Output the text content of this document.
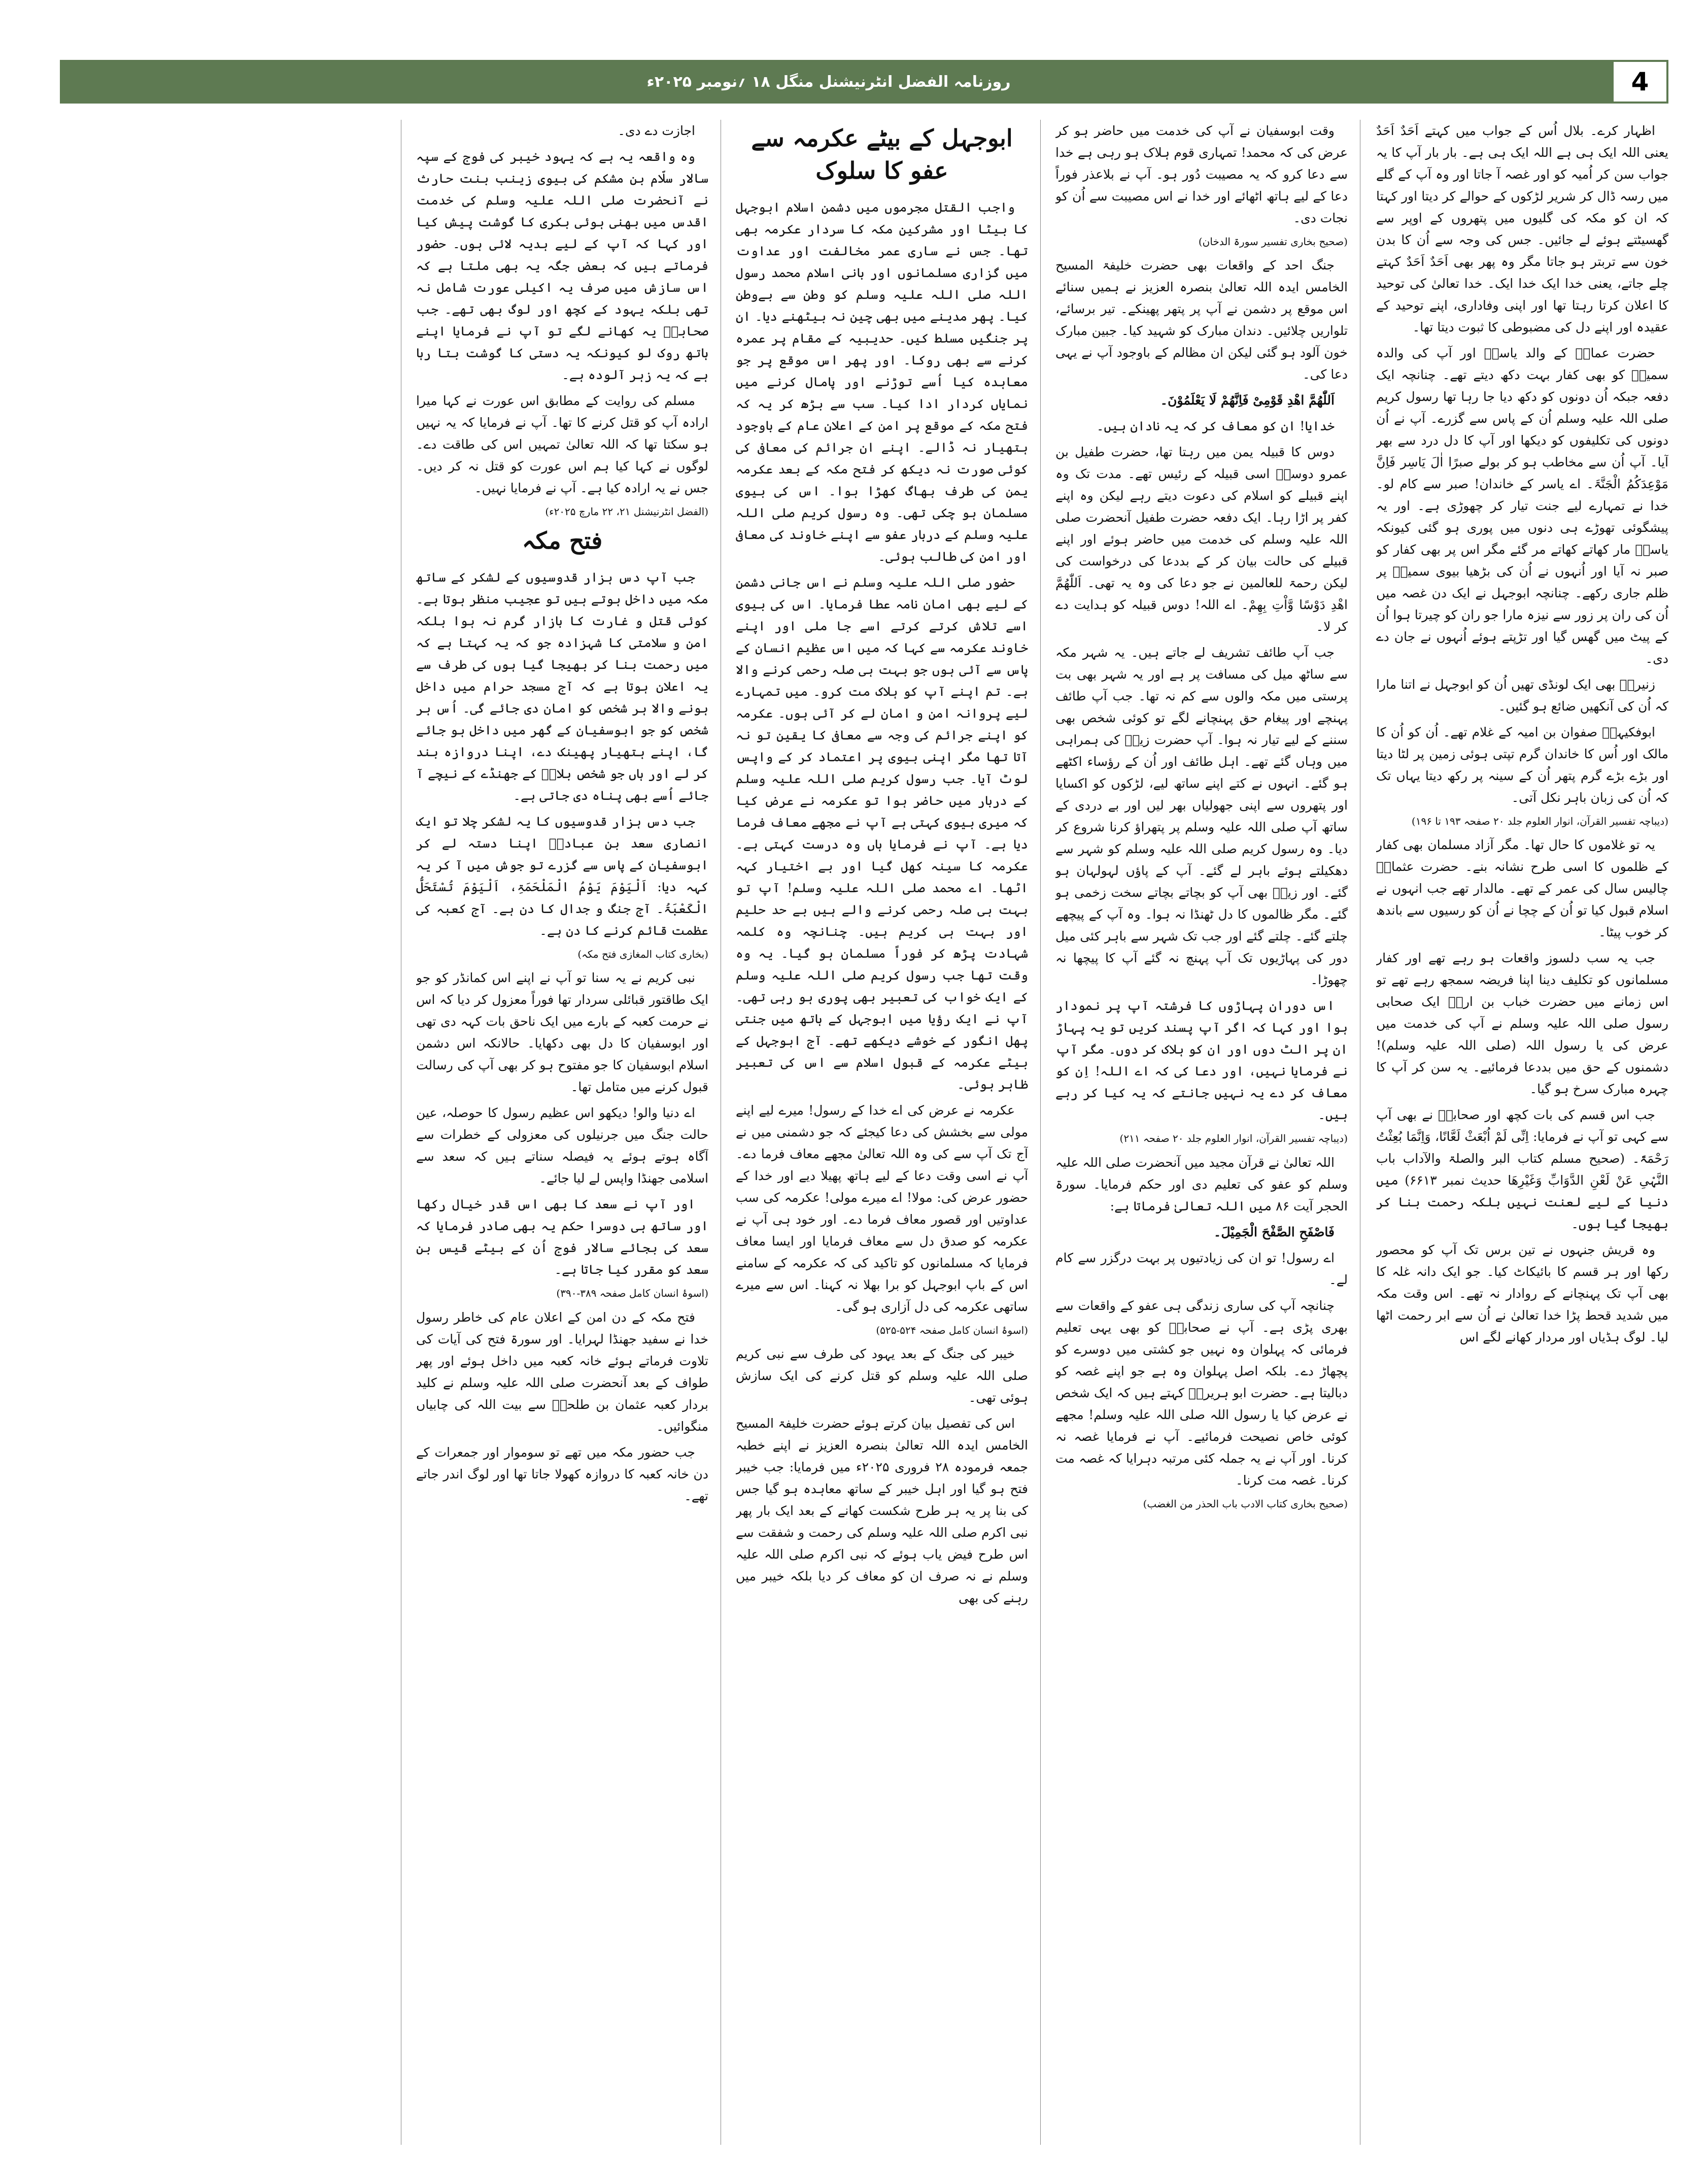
روزنامہ الفضل انٹرنیشنل منگل ۱۸ ؍نومبر ۲۰۲۵ء	4

اظہار کرے۔ بلال اُس کے جواب میں کہتے اَحَدٌ اَحَدٌ یعنی اللہ ایک ہی ہے اللہ ایک ہی ہے۔ بار بار آپ کا یہ جواب سن کر اُمیہ کو اور غصہ آ جاتا اور وہ آپ کے گلے میں رسہ ڈال کر شریر لڑکوں کے حوالے کر دیتا اور کہتا کہ ان کو مکہ کی گلیوں میں پتھروں کے اوپر سے گھسیٹتے ہوئے لے جائیں۔ جس کی وجہ سے اُن کا بدن خون سے تربتر ہو جاتا مگر وہ پھر بھی اَحَدٌ اَحَدٌ کہتے چلے جاتے، یعنی خدا ایک خدا ایک۔ خدا تعالیٰ کی توحید کا اعلان کرتا رہتا تھا اور اپنی وفاداری، اپنے توحید کے عقیدہ اور اپنے دل کی مضبوطی کا ثبوت دیتا تھا۔

حضرت عمارؓ کے والد یاسرؓ اور آپ کی والدہ سمیہؓ کو بھی کفار بہت دکھ دیتے تھے۔ چنانچہ ایک دفعہ جبکہ اُن دونوں کو دکھ دیا جا رہا تھا رسول کریم صلی اللہ علیہ وسلم اُن کے پاس سے گزرے۔ آپ نے اُن دونوں کی تکلیفوں کو دیکھا اور آپ کا دل درد سے بھر آیا۔ آپ اُن سے مخاطب ہو کر بولے صبرًا اٰلَ یَاسِر فَاِنَّ مَوْعِدَکُمُ الْجَنَّۃَ۔ اے یاسر کے خاندان! صبر سے کام لو۔ خدا نے تمہارے لیے جنت تیار کر چھوڑی ہے۔ اور یہ پیشگوئی تھوڑے ہی دنوں میں پوری ہو گئی کیونکہ یاسرؓ مار کھاتے کھاتے مر گئے مگر اس پر بھی کفار کو صبر نہ آیا اور اُنہوں نے اُن کی بڑھیا بیوی سمیہؓ پر ظلم جاری رکھے۔ چنانچہ ابوجہل نے ایک دن غصہ میں اُن کی ران پر زور سے نیزہ مارا جو ران کو چیرتا ہوا اُن کے پیٹ میں گھس گیا اور تڑپتے ہوئے اُنہوں نے جان دے دی۔

زنیرہؓ بھی ایک لونڈی تھیں اُن کو ابوجہل نے اتنا مارا کہ اُن کی آنکھیں ضائع ہو گئیں۔

ابوفکیہہؓ صفوان بن امیہ کے غلام تھے۔ اُن کو اُن کا مالک اور اُس کا خاندان گرم تپتی ہوئی زمین پر لٹا دیتا اور بڑے بڑے گرم پتھر اُن کے سینہ پر رکھ دیتا یہاں تک کہ اُن کی زبان باہر نکل آتی۔

(دیباچہ تفسیر القرآن، انوار العلوم جلد ۲۰ صفحہ ۱۹۳ تا ۱۹۶)

یہ تو غلاموں کا حال تھا۔ مگر آزاد مسلمان بھی کفار کے ظلموں کا اسی طرح نشانہ بنے۔ حضرت عثمانؓ چالیس سال کی عمر کے تھے۔ مالدار تھے جب انہوں نے اسلام قبول کیا تو اُن کے چچا نے اُن کو رسیوں سے باندھ کر خوب پیٹا۔

جب یہ سب دلسوز واقعات ہو رہے تھے اور کفار مسلمانوں کو تکلیف دینا اپنا فریضہ سمجھ رہے تھے تو اس زمانے میں حضرت خباب بن ارتؓ ایک صحابی رسول صلی اللہ علیہ وسلم نے آپ کی خدمت میں عرض کی یا رسول اللہ (صلی اللہ علیہ وسلم)! دشمنوں کے حق میں بددعا فرمائیے۔ یہ سن کر آپ کا چہرہ مبارک سرخ ہو گیا۔

جب اس قسم کی بات کچھ اور صحابہؓ نے بھی آپ سے کہی تو آپ نے فرمایا: اِنِّی لَمْ اُبْعَثْ لَعَّانًا، وَاِنَّمَا بُعِثْتُ رَحْمَۃً۔ (صحیح مسلم کتاب البر والصلۃ والآداب باب النَّہْیِ عَنْ لَعْنِ الدَّوَابِّ وَغَیْرِھَا حدیث نمبر ۶۶۱۳) میں دنیا کے لیے لعنت نہیں بلکہ رحمت بنا کر بھیجا گیا ہوں۔

وہ قریش جنہوں نے تین برس تک آپ کو محصور رکھا اور ہر قسم کا بائیکاٹ کیا۔ جو ایک دانہ غلہ کا بھی آپ تک پہنچانے کے روادار نہ تھے۔ اس وقت مکہ میں شدید قحط پڑا خدا تعالیٰ نے اُن سے ابر رحمت اٹھا لیا۔ لوگ ہڈیاں اور مردار کھانے لگے اس

وقت ابوسفیان نے آپ کی خدمت میں حاضر ہو کر عرض کی کہ محمد! تمہاری قوم ہلاک ہو رہی ہے خدا سے دعا کرو کہ یہ مصیبت دُور ہو۔ آپ نے بلاعذر فوراً دعا کے لیے ہاتھ اٹھائے اور خدا نے اس مصیبت سے اُن کو نجات دی۔

(صحیح بخاری تفسیر سورۃ الدخان)

جنگ احد کے واقعات بھی حضرت خلیفۃ المسیح الخامس ایدہ اللہ تعالیٰ بنصرہ العزیز نے ہمیں سنائے اس موقع پر دشمن نے آپ پر پتھر پھینکے۔ تیر برسائے، تلواریں چلائیں۔ دندان مبارک کو شہید کیا۔ جبین مبارک خون آلود ہو گئی لیکن ان مظالم کے باوجود آپ نے یہی دعا کی۔

اَللّٰھُمَّ اھْدِ قَوْمِیْ فَاِنَّھُمْ لَا یَعْلَمُوْنَ۔

خدایا! ان کو معاف کر کہ یہ نادان ہیں۔

دوس کا قبیلہ یمن میں رہتا تھا، حضرت طفیل بن عمرو دوسیؓ اسی قبیلہ کے رئیس تھے۔ مدت تک وہ اپنے قبیلے کو اسلام کی دعوت دیتے رہے لیکن وہ اپنے کفر پر اڑا رہا۔ ایک دفعہ حضرت طفیل آنحضرت صلی اللہ علیہ وسلم کی خدمت میں حاضر ہوئے اور اپنے قبیلے کی حالت بیان کر کے بددعا کی درخواست کی لیکن رحمۃ للعالمین نے جو دعا کی وہ یہ تھی۔ اَللّٰھُمَّ اھْدِ دَوْسًا وَّاْتِ بِھِمْ۔ اے اللہ! دوس قبیلہ کو ہدایت دے کر لا۔

جب آپ طائف تشریف لے جاتے ہیں۔ یہ شہر مکہ سے ساٹھ میل کی مسافت پر ہے اور یہ شہر بھی بت پرستی میں مکہ والوں سے کم نہ تھا۔ جب آپ طائف پہنچے اور پیغام حق پہنچانے لگے تو کوئی شخص بھی سننے کے لیے تیار نہ ہوا۔ آپ حضرت زیدؓ کی ہمراہی میں وہاں گئے تھے۔ اہل طائف اور اُن کے رؤساء اکٹھے ہو گئے۔ انہوں نے کتے اپنے ساتھ لیے، لڑکوں کو اکسایا اور پتھروں سے اپنی جھولیاں بھر لیں اور بے دردی کے ساتھ آپ صلی اللہ علیہ وسلم پر پتھراؤ کرنا شروع کر دیا۔ وہ رسول کریم صلی اللہ علیہ وسلم کو شہر سے دھکیلتے ہوئے باہر لے گئے۔ آپ کے پاؤں لہولہان ہو گئے۔ اور زیدؓ بھی آپ کو بچاتے بچاتے سخت زخمی ہو گئے۔ مگر ظالموں کا دل ٹھنڈا نہ ہوا۔ وہ آپ کے پیچھے چلتے گئے۔ چلتے گئے اور جب تک شہر سے باہر کئی میل دور کی پہاڑیوں تک آپ پہنچ نہ گئے آپ کا پیچھا نہ چھوڑا۔

اس دوران پہاڑوں کا فرشتہ آپ پر نمودار ہوا اور کہا کہ اگر آپ پسند کریں تو یہ پہاڑ ان پر الٹ دوں اور ان کو ہلاک کر دوں۔ مگر آپ نے فرمایا نہیں، اور دعا کی کہ اے اللہ! اِن کو معاف کر دے یہ نہیں جانتے کہ یہ کیا کر رہے ہیں۔

(دیباچہ تفسیر القرآن، انوار العلوم جلد ۲۰ صفحہ ۲۱۱)

اللہ تعالیٰ نے قرآن مجید میں آنحضرت صلی اللہ علیہ وسلم کو عفو کی تعلیم دی اور حکم فرمایا۔ سورۃ الحجر آیت ۸۶ میں اللہ تعالیٰ فرماتا ہے:

فَاصْفَحِ الصَّفْحَ الْجَمِیْلَ۔

اے رسول! تو ان کی زیادتیوں پر بہت درگزر سے کام لے۔

چنانچہ آپ کی ساری زندگی ہی عفو کے واقعات سے بھری پڑی ہے۔ آپ نے صحابہؓ کو بھی یہی تعلیم فرمائی کہ پہلوان وہ نہیں جو کشتی میں دوسرے کو پچھاڑ دے۔ بلکہ اصل پہلوان وہ ہے جو اپنے غصہ کو دبالیتا ہے۔ حضرت ابو ہریرہؓ کہتے ہیں کہ ایک شخص نے عرض کیا یا رسول اللہ صلی اللہ علیہ وسلم! مجھے کوئی خاص نصیحت فرمائیے۔ آپ نے فرمایا غصہ نہ کرنا۔ اور آپ نے یہ جملہ کئی مرتبہ دہرایا کہ غصہ مت کرنا۔ غصہ مت کرنا۔

(صحیح بخاری کتاب الادب باب الحذر من الغضب)

ابوجہل کے بیٹے عکرمہ سے عفو کا سلوک

واجب القتل مجرموں میں دشمن اسلام ابوجہل کا بیٹا اور مشرکین مکہ کا سردار عکرمہ بھی تھا۔ جس نے ساری عمر مخالفت اور عداوت میں گزاری مسلمانوں اور بانی اسلام محمد رسول اللہ صلی اللہ علیہ وسلم کو وطن سے بےوطن کیا۔ پھر مدینے میں بھی چین نہ بیٹھنے دیا۔ ان پر جنگیں مسلط کیں۔ حدیبیہ کے مقام پر عمرہ کرنے سے بھی روکا۔ اور پھر اس موقع پر جو معاہدہ کیا اُسے توڑنے اور پامال کرنے میں نمایاں کردار ادا کیا۔ سب سے بڑھ کر یہ کہ فتح مکہ کے موقع پر امن کے اعلان عام کے باوجود ہتھیار نہ ڈالے۔ اپنے ان جرائم کی معافی کی کوئی صورت نہ دیکھ کر فتح مکہ کے بعد عکرمہ یمن کی طرف بھاگ کھڑا ہوا۔ اس کی بیوی مسلمان ہو چکی تھی۔ وہ رسول کریم صلی اللہ علیہ وسلم کے دربار عفو سے اپنے خاوند کی معافی اور امن کی طالب ہوئی۔

حضور صلی اللہ علیہ وسلم نے اس جانی دشمن کے لیے بھی امان نامہ عطا فرمایا۔ اس کی بیوی اسے تلاش کرتے کرتے اسے جا ملی اور اپنے خاوند عکرمہ سے کہا کہ میں اس عظیم انسان کے پاس سے آئی ہوں جو بہت ہی صلہ رحمی کرنے والا ہے۔ تم اپنے آپ کو ہلاک مت کرو۔ میں تمہارے لیے پروانہ امن و امان لے کر آئی ہوں۔ عکرمہ کو اپنے جرائم کی وجہ سے معافی کا یقین تو نہ آتا تھا مگر اپنی بیوی پر اعتماد کر کے واپس لوٹ آیا۔ جب رسول کریم صلی اللہ علیہ وسلم کے دربار میں حاضر ہوا تو عکرمہ نے عرض کیا کہ میری بیوی کہتی ہے آپ نے مجھے معاف فرما دیا ہے۔ آپ نے فرمایا ہاں وہ درست کہتی ہے۔ عکرمہ کا سینہ کھل گیا اور بے اختیار کہہ اٹھا۔ اے محمد صلی اللہ علیہ وسلم! آپ تو بہت ہی صلہ رحمی کرنے والے ہیں بے حد حلیم اور بہت ہی کریم ہیں۔ چنانچہ وہ کلمہ شہادت پڑھ کر فوراً مسلمان ہو گیا۔ یہ وہ وقت تھا جب رسول کریم صلی اللہ علیہ وسلم کے ایک خواب کی تعبیر بھی پوری ہو رہی تھی۔ آپ نے ایک رؤیا میں ابوجہل کے ہاتھ میں جنتی پھل انگور کے خوشے دیکھے تھے۔ آج ابوجہل کے بیٹے عکرمہ کے قبول اسلام سے اس کی تعبیر ظاہر ہوئی۔

عکرمہ نے عرض کی اے خدا کے رسول! میرے لیے اپنے مولی سے بخشش کی دعا کیجئے کہ جو دشمنی میں نے آج تک آپ سے کی وہ اللہ تعالیٰ مجھے معاف فرما دے۔ آپ نے اسی وقت دعا کے لیے ہاتھ پھیلا دیے اور خدا کے حضور عرض کی: مولا! اے میرے مولی! عکرمہ کی سب عداوتیں اور قصور معاف فرما دے۔ اور خود ہی آپ نے عکرمہ کو صدق دل سے معاف فرمایا اور ایسا معاف فرمایا کہ مسلمانوں کو تاکید کی کہ عکرمہ کے سامنے اس کے باپ ابوجہل کو برا بھلا نہ کہنا۔ اس سے میرے ساتھی عکرمہ کی دل آزاری ہو گی۔

(اسوۂ انسان کامل صفحہ ۵۲۴-۵۲۵)

خیبر کی جنگ کے بعد یہود کی طرف سے نبی کریم صلی اللہ علیہ وسلم کو قتل کرنے کی ایک سازش ہوئی تھی۔

اس کی تفصیل بیان کرتے ہوئے حضرت خلیفۃ المسیح الخامس ایدہ اللہ تعالیٰ بنصرہ العزیز نے اپنے خطبہ جمعہ فرمودہ ۲۸ فروری ۲۰۲۵ء میں فرمایا: جب خیبر فتح ہو گیا اور اہل خیبر کے ساتھ معاہدہ ہو گیا جس کی بنا پر یہ ہر طرح شکست کھانے کے بعد ایک بار پھر نبی اکرم صلی اللہ علیہ وسلم کی رحمت و شفقت سے اس طرح فیض یاب ہوئے کہ نبی اکرم صلی اللہ علیہ وسلم نے نہ صرف ان کو معاف کر دیا بلکہ خیبر میں رہنے کی بھی

اجازت دے دی۔

وہ واقعہ یہ ہے کہ یہود خیبر کی فوج کے سپہ سالار سلّام بن مشکم کی بیوی زینب بنت حارث نے آنحضرت صلی اللہ علیہ وسلم کی خدمت اقدس میں بھنی ہوئی بکری کا گوشت پیش کیا اور کہا کہ آپ کے لیے ہدیہ لائی ہوں۔ حضور فرماتے ہیں کہ بعض جگہ یہ بھی ملتا ہے کہ اس سازش میں صرف یہ اکیلی عورت شامل نہ تھی بلکہ یہود کے کچھ اور لوگ بھی تھے۔ جب صحابہؓ یہ کھانے لگے تو آپ نے فرمایا اپنے ہاتھ روک لو کیونکہ یہ دستی کا گوشت بتا رہا ہے کہ یہ زہر آلودہ ہے۔

مسلم کی روایت کے مطابق اس عورت نے کہا میرا ارادہ آپ کو قتل کرنے کا تھا۔ آپ نے فرمایا کہ یہ نہیں ہو سکتا تھا کہ اللہ تعالیٰ تمہیں اس کی طاقت دے۔ لوگوں نے کہا کیا ہم اس عورت کو قتل نہ کر دیں۔ جس نے یہ ارادہ کیا ہے۔ آپ نے فرمایا نہیں۔

(الفضل انٹرنیشنل ۲۱، ۲۲ مارچ ۲۰۲۵ء)

فتح مکہ

جب آپ دس ہزار قدوسیوں کے لشکر کے ساتھ مکہ میں داخل ہوتے ہیں تو عجیب منظر ہوتا ہے۔ کوئی قتل و غارت کا بازار گرم نہ ہوا بلکہ امن و سلامتی کا شہزادہ جو کہ یہ کہتا ہے کہ میں رحمت بنا کر بھیجا گیا ہوں کی طرف سے یہ اعلان ہوتا ہے کہ آج مسجد حرام میں داخل ہونے والا ہر شخص کو امان دی جائے گی۔ اُس ہر شخص کو جو ابوسفیان کے گھر میں داخل ہو جائے گا، اپنے ہتھیار پھینک دے، اپنا دروازہ بند کر لے اور ہاں جو شخص بلالؓ کے جھنڈے کے نیچے آ جائے اُسے بھی پناہ دی جاتی ہے۔

جب دس ہزار قدوسیوں کا یہ لشکر چلا تو ایک انصاری سعد بن عبادہؓ اپنا دستہ لے کر ابوسفیان کے پاس سے گزرے تو جوش میں آ کر یہ کہہ دیا: اَلْیَوْمَ یَوْمُ الْمَلْحَمَۃِ، اَلْیَوْمَ تُسْتَحَلُّ الْکَعْبَۃُ۔ آج جنگ و جدال کا دن ہے۔ آج کعبہ کی عظمت قائم کرنے کا دن ہے۔

(بخاری کتاب المغازی فتح مکہ)

نبی کریم نے یہ سنا تو آپ نے اپنے اس کمانڈر کو جو ایک طاقتور قبائلی سردار تھا فوراً معزول کر دیا کہ اس نے حرمت کعبہ کے بارے میں ایک ناحق بات کہہ دی تھی اور ابوسفیان کا دل بھی دکھایا۔ حالانکہ اس دشمن اسلام ابوسفیان کا جو مفتوح ہو کر بھی آپ کی رسالت قبول کرنے میں متامل تھا۔

اے دنیا والو! دیکھو اس عظیم رسول کا حوصلہ، عین حالت جنگ میں جرنیلوں کی معزولی کے خطرات سے آگاہ ہوتے ہوئے یہ فیصلہ سناتے ہیں کہ سعد سے اسلامی جھنڈا واپس لے لیا جائے۔

اور آپ نے سعد کا بھی اس قدر خیال رکھا اور ساتھ ہی دوسرا حکم یہ بھی صادر فرمایا کہ سعد کی بجائے سالار فوج اُن کے بیٹے قیس بن سعد کو مقرر کیا جاتا ہے۔

(اسوۂ انسان کامل صفحہ ۳۸۹-۳۹۰)

فتح مکہ کے دن امن کے اعلان عام کی خاطر رسول خدا نے سفید جھنڈا لہرایا۔ اور سورۃ فتح کی آیات کی تلاوت فرماتے ہوئے خانہ کعبہ میں داخل ہوئے اور پھر طواف کے بعد آنحضرت صلی اللہ علیہ وسلم نے کلید بردار کعبہ عثمان بن طلحہؓ سے بیت اللہ کی چابیاں منگوائیں۔

جب حضور مکہ میں تھے تو سوموار اور جمعرات کے دن خانہ کعبہ کا دروازہ کھولا جاتا تھا اور لوگ اندر جاتے تھے۔
